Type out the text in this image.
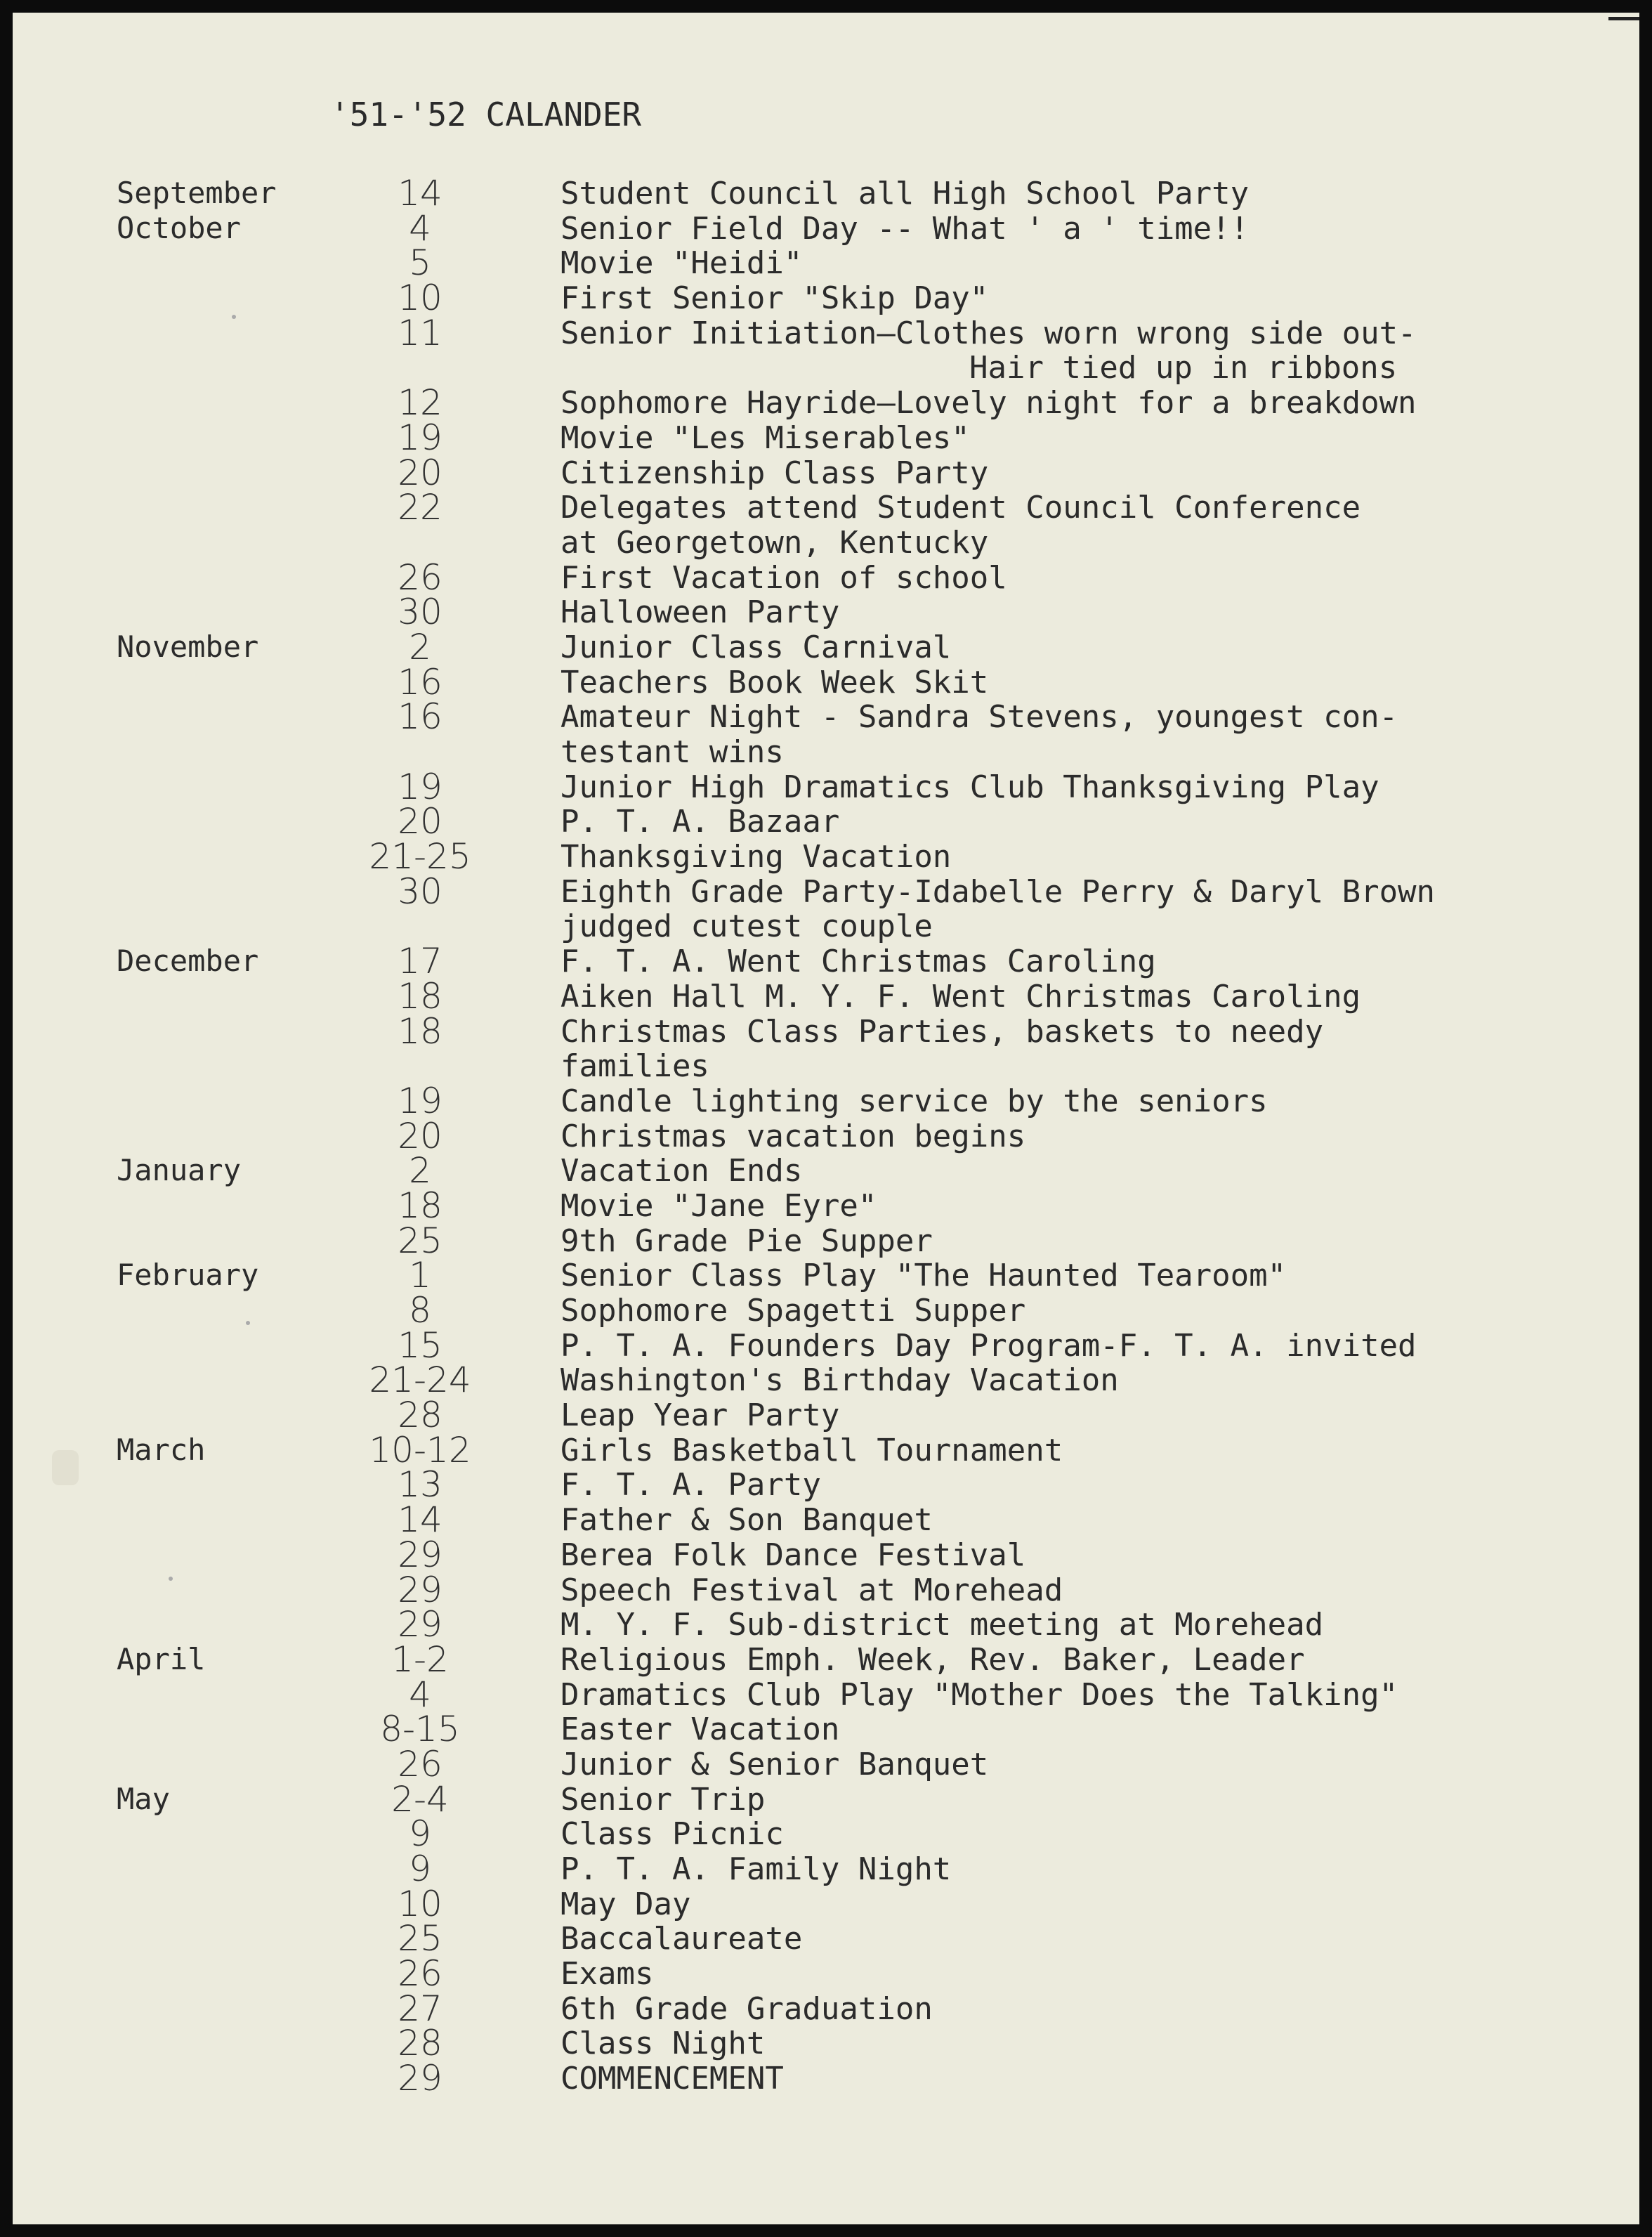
'51-'52 CALANDER
September	14	Student Council all High School Party
October	4	Senior Field Day -- What ' a ' time!!
5	Movie "Heidi"
10	First Senior "Skip Day"
11	Senior Initiation—Clothes worn wrong side out-
Hair tied up in ribbons
12	Sophomore Hayride—Lovely night for a breakdown
19	Movie "Les Miserables"
20	Citizenship Class Party
22	Delegates attend Student Council Conference
at Georgetown, Kentucky
26	First Vacation of school
30	Halloween Party
November	2	Junior Class Carnival
16	Teachers Book Week Skit
16	Amateur Night - Sandra Stevens, youngest con-
testant wins
19	Junior High Dramatics Club Thanksgiving Play
20	P. T. A. Bazaar
21-25	Thanksgiving Vacation
30	Eighth Grade Party-Idabelle Perry & Daryl Brown
judged cutest couple
December	17	F. T. A. Went Christmas Caroling
18	Aiken Hall M. Y. F. Went Christmas Caroling
18	Christmas Class Parties, baskets to needy
families
19	Candle lighting service by the seniors
20	Christmas vacation begins
January	2	Vacation Ends
18	Movie "Jane Eyre"
25	9th Grade Pie Supper
February	1	Senior Class Play "The Haunted Tearoom"
8	Sophomore Spagetti Supper
15	P. T. A. Founders Day Program-F. T. A. invited
21-24	Washington's Birthday Vacation
28	Leap Year Party
March	10-12	Girls Basketball Tournament
13	F. T. A. Party
14	Father & Son Banquet
29	Berea Folk Dance Festival
29	Speech Festival at Morehead
29	M. Y. F. Sub-district meeting at Morehead
April	1-2	Religious Emph. Week, Rev. Baker, Leader
4	Dramatics Club Play "Mother Does the Talking"
8-15	Easter Vacation
26	Junior & Senior Banquet
May	2-4	Senior Trip
9	Class Picnic
9	P. T. A. Family Night
10	May Day
25	Baccalaureate
26	Exams
27	6th Grade Graduation
28	Class Night
29	COMMENCEMENT
